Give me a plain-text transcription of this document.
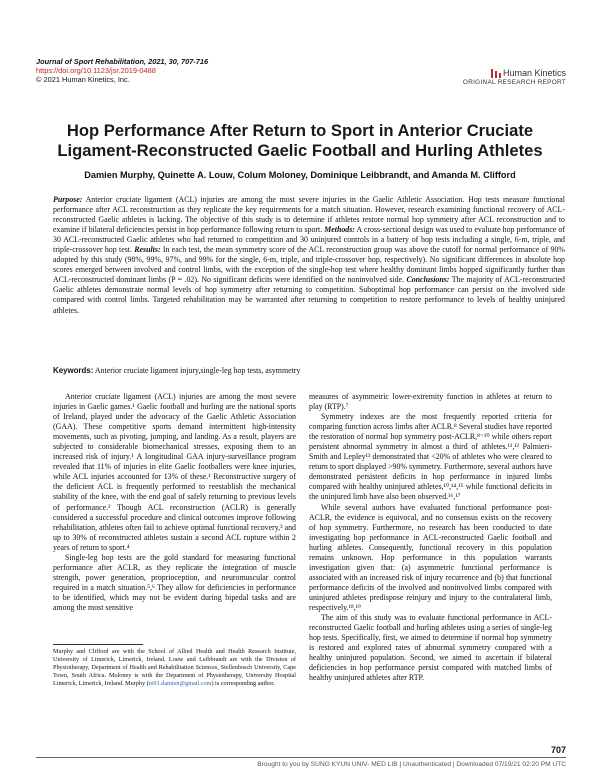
Journal of Sport Rehabilitation, 2021, 30, 707-716
https://doi.org/10.1123/jsr.2019-0488
© 2021 Human Kinetics, Inc.
Human Kinetics
ORIGINAL RESEARCH REPORT
Hop Performance After Return to Sport in Anterior Cruciate Ligament-Reconstructed Gaelic Football and Hurling Athletes
Damien Murphy, Quinette A. Louw, Colum Moloney, Dominique Leibbrandt, and Amanda M. Clifford
Purpose: Anterior cruciate ligament (ACL) injuries are among the most severe injuries in the Gaelic Athletic Association. Hop tests measure functional performance after ACL reconstruction as they replicate the key requirements for a match situation. However, research examining functional recovery of ACL-reconstructed Gaelic athletes is lacking. The objective of this study is to determine if athletes restore normal hop symmetry after ACL reconstruction and to examine if bilateral deficiencies persist in hop performance following return to sport. Methods: A cross-sectional design was used to evaluate hop performance of 30 ACL-reconstructed Gaelic athletes who had returned to competition and 30 uninjured controls in a battery of hop tests including a single, 6-m, triple, and triple-crossover hop test. Results: In each test, the mean symmetry score of the ACL reconstruction group was above the cutoff for normal performance of 90% adopted by this study (98%, 99%, 97%, and 99% for the single, 6-m, triple, and triple-crossover hop, respectively). No significant differences in absolute hop scores emerged between involved and control limbs, with the exception of the single-hop test where healthy dominant limbs hopped significantly further than ACL-reconstructed dominant limbs (P = .02). No significant deficits were identified on the noninvolved side. Conclusions: The majority of ACL-reconstructed Gaelic athletes demonstrate normal levels of hop symmetry after returning to competition. Suboptimal hop performance can persist on the involved side compared with control limbs. Targeted rehabilitation may be warranted after returning to competition to restore performance to levels of healthy uninjured athletes.
Keywords: Anterior cruciate ligament injury,single-leg hop tests, asymmetry

Anterior cruciate ligament (ACL) injuries are among the most severe injuries in Gaelic games.¹ Gaelic football and hurling are the national sports of Ireland, played under the advocacy of the Gaelic Athletic Association (GAA). These competitive sports demand intermittent high-intensity movements, such as pivoting, jumping, and landing. As a result, players are subjected to considerable biomechanical stresses, exposing them to an increased risk of injury.¹ A longitudinal GAA injury-surveillance program revealed that 11% of injuries in elite Gaelic footballers were knee injuries, while ACL injuries accounted for 13% of these.¹ Reconstructive surgery of the deficient ACL is frequently performed to reestablish the mechanical stability of the knee, with the end goal of safely returning to previous levels of performance.² Though ACL reconstruction (ACLR) is generally considered a successful procedure and clinical outcomes improve following rehabilitation, athletes often fail to achieve optimal functional recovery,³ and up to 30% of reconstructed athletes sustain a second ACL rupture within 2 years of return to sport.⁴

Single-leg hop tests are the gold standard for measuring functional performance after ACLR, as they replicate the integration of muscle strength, power generation, proprioception, and neuromuscular control required in a match situation.⁵,⁶ They allow for deficiencies in performance to be identified, which may not be evident during bipedal tasks and are among the most sensitive

measures of asymmetric lower-extremity function in athletes at return to play (RTP).⁷

Symmetry indexes are the most frequently reported criteria for comparing function across limbs after ACLR.⁸ Several studies have reported the restoration of normal hop symmetry post-ACLR,⁸⁻¹⁰ while others report persistent abnormal symmetry in almost a third of athletes.¹¹,¹² Palmieri-Smith and Lepley¹³ demonstrated that <20% of athletes who were cleared to return to sport displayed >90% symmetry. Furthermore, several authors have demonstrated persistent deficits in hop performance in injured limbs compared with healthy uninjured athletes,¹⁰,¹⁴,¹⁵ while functional deficits in the uninjured limb have also been observed.¹⁶,¹⁷

While several authors have evaluated functional performance post-ACLR, the evidence is equivocal, and no consensus exists on the recovery of hop symmetry. Furthermore, no research has been conducted to date investigating hop performance in ACL-reconstructed Gaelic football and hurling athletes. Consequently, functional recovery in this population remains unknown. Hop performance in this population warrants investigation given that: (a) asymmetric functional performance is associated with an increased risk of injury recurrence and (b) that functional performance deficits of the involved and noninvolved limbs compared with uninjured athletes predispose reinjury and injury to the contralateral limb, respectively.¹⁸,¹⁹

The aim of this study was to evaluate functional performance in ACL-reconstructed Gaelic football and hurling athletes using a series of single-leg hop tests. Specifically, first, we aimed to determine if normal hop symmetry is restored and explored rates of abnormal symmetry compared with a healthy uninjured population. Second, we aimed to ascertain if bilateral deficiencies in hop performance persist compared with matched limbs of healthy uninjured athletes after RTP.

Murphy and Clifford are with the School of Allied Health and Health Research Institute, University of Limerick, Limerick, Ireland. Louw and Leibbrandt are with the Division of Physiotherapy, Department of Health and Rehabilitation Sciences, Stellenbosch University, Cape Town, South Africa. Moloney is with the Department of Physiotherapy, University Hospital Limerick, Limerick, Ireland. Murphy (m91.damien@gmail.com) is corresponding author.
707
Brought to you by SUNG KYUN UNIV- MED LIB | Unauthenticated | Downloaded 07/19/21 02:20 PM UTC
